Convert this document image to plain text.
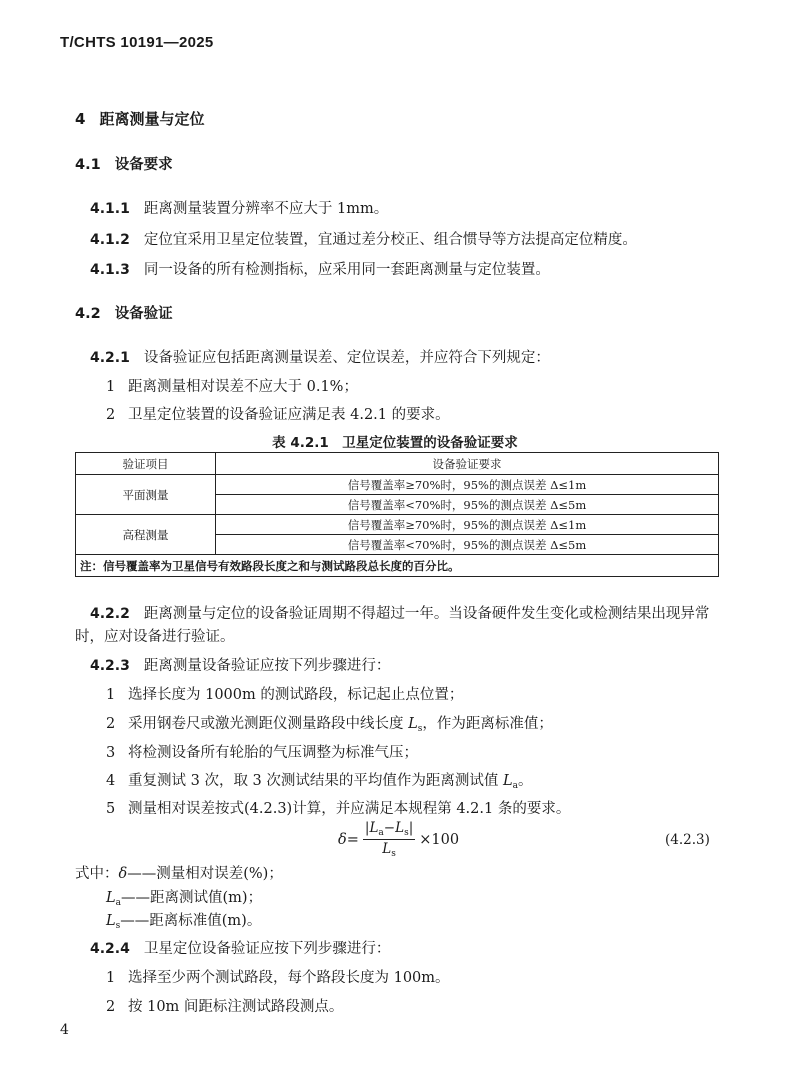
T/CHTS 10191—2025
4 距离测量与定位
4.1 设备要求
4.1.1 距离测量装置分辨率不应大于 1mm。
4.1.2 定位宜采用卫星定位装置，宜通过差分校正、组合惯导等方法提高定位精度。
4.1.3 同一设备的所有检测指标，应采用同一套距离测量与定位装置。
4.2 设备验证
4.2.1 设备验证应包括距离测量误差、定位误差，并应符合下列规定：
1 距离测量相对误差不应大于 0.1%；
2 卫星定位装置的设备验证应满足表 4.2.1 的要求。
表 4.2.1　卫星定位装置的设备验证要求
验证项目	设备验证要求
平面测量	信号覆盖率≥70%时，95%的测点误差 Δ≤1m
	信号覆盖率<70%时，95%的测点误差 Δ≤5m
高程测量	信号覆盖率≥70%时，95%的测点误差 Δ≤1m
	信号覆盖率<70%时，95%的测点误差 Δ≤5m
注：信号覆盖率为卫星信号有效路段长度之和与测试路段总长度的百分比。	
4.2.2 距离测量与定位的设备验证周期不得超过一年。当设备硬件发生变化或检测结果出现异常
时，应对设备进行验证。
4.2.3 距离测量设备验证应按下列步骤进行：
1 选择长度为 1000m 的测试路段，标记起止点位置；
2 采用钢卷尺或激光测距仪测量路段中线长度 $L_s$，作为距离标准值；
3 将检测设备所有轮胎的气压调整为标准气压；
4 重复测试 3 次，取 3 次测试结果的平均值作为距离测试值 $L_a$。
5 测量相对误差按式(4.2.3)计算，并应满足本规程第 4.2.1 条的要求。
$\delta= \frac{|L_a-L_s|}{L_s} \times 100$	(4.2.3)
式中：δ——测量相对误差(%)；
$L_a——$距离测试值(m)；
$L_s——$距离标准值(m)。
4.2.4 卫星定位设备验证应按下列步骤进行：
1 选择至少两个测试路段，每个路段长度为 100m。
2 按 10m 间距标注测试路段测点。
4
